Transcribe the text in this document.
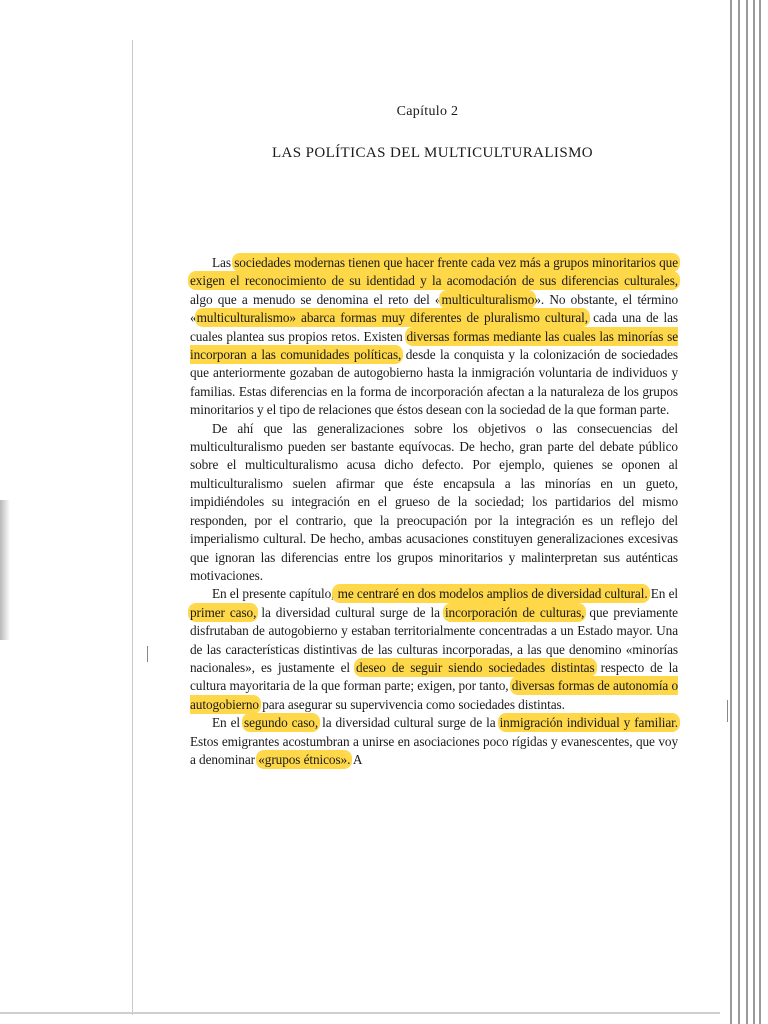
Capítulo 2
LAS POLÍTICAS DEL MULTICULTURALISMO

Las sociedades modernas tienen que hacer frente cada vez más a grupos minoritarios que exigen el reconocimiento de su identidad y la acomodación de sus diferencias culturales, algo que a menudo se denomina el reto del «multiculturalismo». No obstante, el término «multiculturalismo» abarca formas muy diferentes de pluralismo cultural, cada una de las cuales plantea sus propios retos. Existen diversas formas mediante las cuales las minorías se incorporan a las comunidades políticas, desde la conquista y la colonización de sociedades que anteriormente gozaban de autogobierno hasta la inmigración voluntaria de individuos y familias. Estas diferencias en la forma de incorporación afectan a la naturaleza de los grupos minoritarios y el tipo de relaciones que éstos desean con la sociedad de la que forman parte.

De ahí que las generalizaciones sobre los objetivos o las consecuencias del multiculturalismo pueden ser bastante equívocas. De hecho, gran parte del debate público sobre el multiculturalismo acusa dicho defecto. Por ejemplo, quienes se oponen al multiculturalismo suelen afirmar que éste encapsula a las minorías en un gueto, impidiéndoles su integración en el grueso de la sociedad; los partidarios del mismo responden, por el contrario, que la preocupación por la integración es un reflejo del imperialismo cultural. De hecho, ambas acusaciones constituyen generalizaciones excesivas que ignoran las diferencias entre los grupos minoritarios y malinterpretan sus auténticas motivaciones.

En el presente capítulo, me centraré en dos modelos amplios de diversidad cultural. En el primer caso, la diversidad cultural surge de la incorporación de culturas, que previamente disfrutaban de autogobierno y estaban territorialmente concentradas a un Estado mayor. Una de las características distintivas de las culturas incorporadas, a las que denomino «minorías nacionales», es justamente el deseo de seguir siendo sociedades distintas respecto de la cultura mayoritaria de la que forman parte; exigen, por tanto, diversas formas de autonomía o autogobierno para asegurar su supervivencia como sociedades distintas.

En el segundo caso, la diversidad cultural surge de la inmigración individual y familiar. Estos emigrantes acostumbran a unirse en asociaciones poco rígidas y evanescentes, que voy a denominar «grupos étnicos». A
